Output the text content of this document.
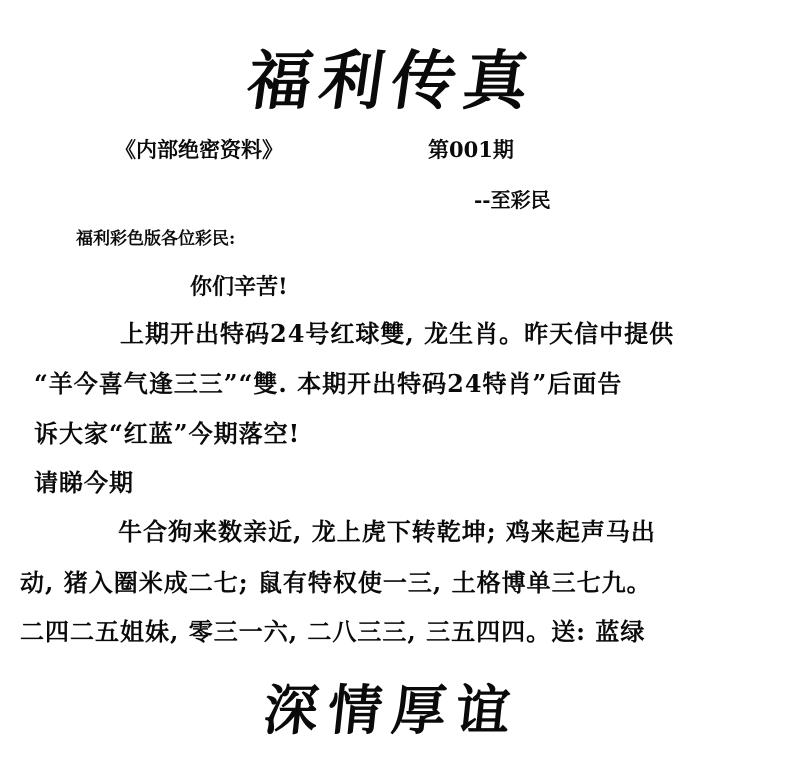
福利传真
《内部绝密资料》	第001期
--至彩民
福利彩色版各位彩民:
你们辛苦!
上期开出特码24号红球雙, 龙生肖。昨天信中提供
“羊今喜气逢三三”“雙. 本期开出特码24特肖”后面告
诉大家“红蓝”今期落空!
请睇今期
牛合狗来数亲近, 龙上虎下转乾坤; 鸡来起声马出
动, 猪入圈米成二七; 鼠有特权使一三, 土格博单三七九。
二四二五姐妹, 零三一六, 二八三三, 三五四四。送: 蓝绿
深情厚谊
